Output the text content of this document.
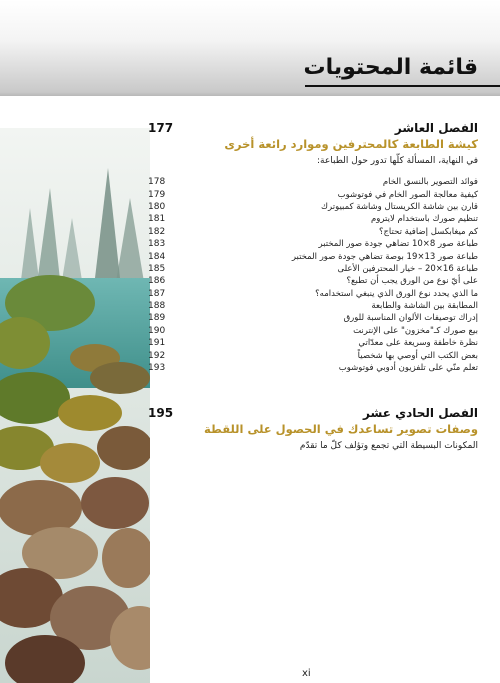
قائمة المحتويات
الفصل العاشر
177
كيشة الطابعة كالمحترفين وموارد رائعة أخرى
في النهاية، المسألة كلّها تدور حول الطباعة:
فوائد التصوير بالنسق الخام
178
كيفية معالجة الصور الخام في فوتوشوب
179
قارن بين شاشة الكريستال وشاشة كمبيوترك
180
تنظيم صورك باستخدام لايتروم
181
كم ميغابكسل إضافية تحتاج؟
182
طباعة صور 8×10 تضاهي جودة صور المختبر
183
طباعة صور 13×19 بوصة تضاهي جودة صور المختبر
184
طباعة 16×20 – خيار المحترفين الأعلى
185
على أيّ نوع من الورق يجب أن تطبع؟
186
ما الذي يحدد نوع الورق الذي ينبغي استخدامه؟
187
المطابقة بين الشاشة والطابعة
188
إدراك توصيفات الألوان المناسبة للورق
189
بيع صورك كـ"مخزون" على الإنترنت
190
نظرة خاطفة وسريعة على معدّاتي
191
بعض الكتب التي أوصي بها شخصياً
192
تعلم منّي على تلفزيون أدوبي فوتوشوب
193
الفصل الحادي عشر
195
وصفات تصوير تساعدك في الحصول على اللقطة
المكونات البسيطة التي تجمع وتؤلف كلّ ما تقدّم
xi
